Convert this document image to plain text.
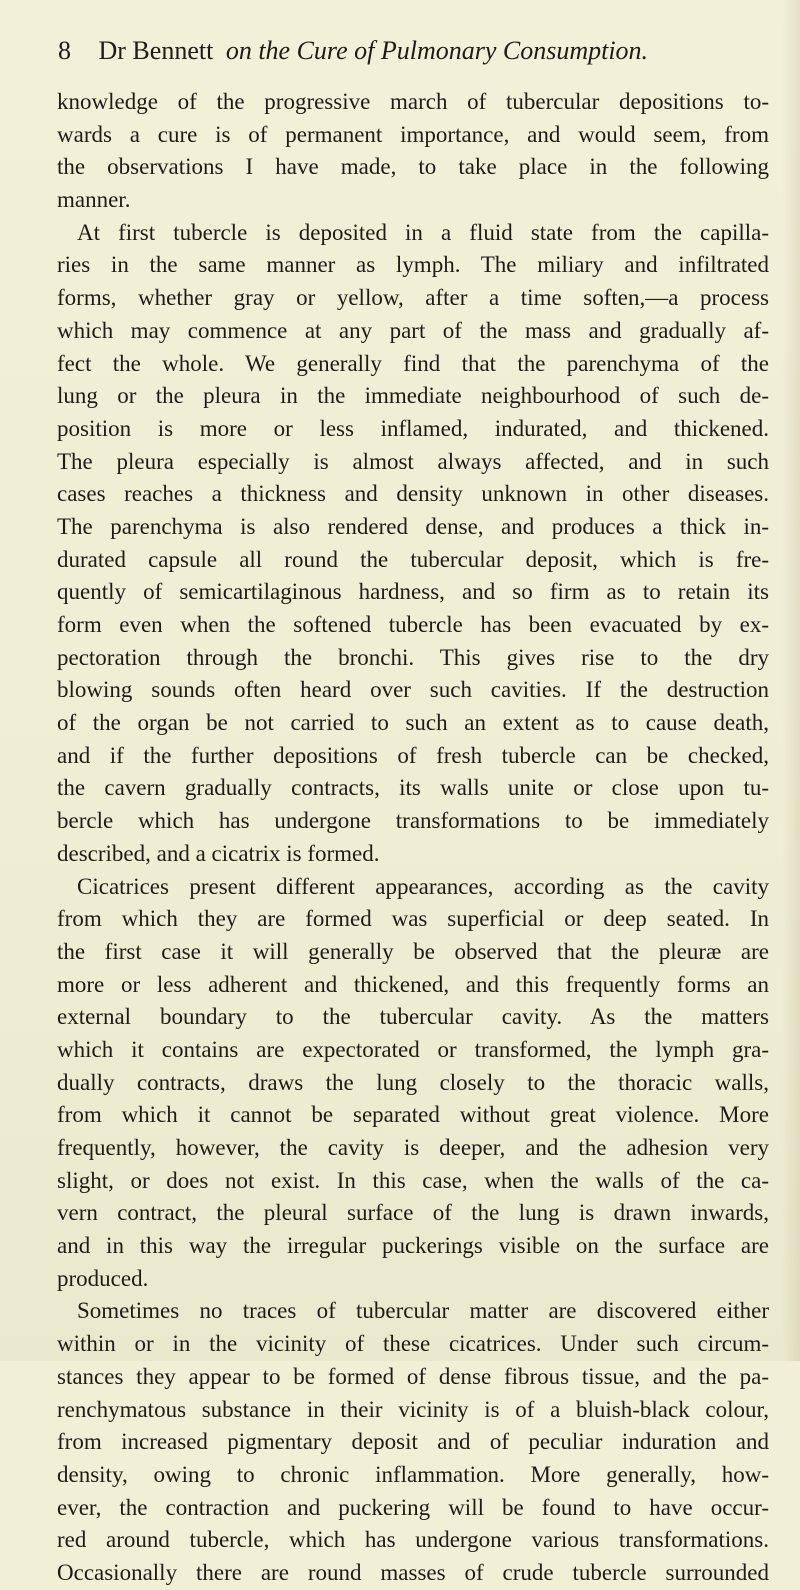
8 Dr Bennett on the Cure of Pulmonary Consumption.
knowledge of the progressive march of tubercular depositions to-
wards a cure is of permanent importance, and would seem, from
the observations I have made, to take place in the following
manner.
At first tubercle is deposited in a fluid state from the capilla-
ries in the same manner as lymph. The miliary and infiltrated
forms, whether gray or yellow, after a time soften,—a process
which may commence at any part of the mass and gradually af-
fect the whole. We generally find that the parenchyma of the
lung or the pleura in the immediate neighbourhood of such de-
position is more or less inflamed, indurated, and thickened.
The pleura especially is almost always affected, and in such
cases reaches a thickness and density unknown in other diseases.
The parenchyma is also rendered dense, and produces a thick in-
durated capsule all round the tubercular deposit, which is fre-
quently of semicartilaginous hardness, and so firm as to retain its
form even when the softened tubercle has been evacuated by ex-
pectoration through the bronchi. This gives rise to the dry
blowing sounds often heard over such cavities. If the destruction
of the organ be not carried to such an extent as to cause death,
and if the further depositions of fresh tubercle can be checked,
the cavern gradually contracts, its walls unite or close upon tu-
bercle which has undergone transformations to be immediately
described, and a cicatrix is formed.
Cicatrices present different appearances, according as the cavity
from which they are formed was superficial or deep seated. In
the first case it will generally be observed that the pleuræ are
more or less adherent and thickened, and this frequently forms an
external boundary to the tubercular cavity. As the matters
which it contains are expectorated or transformed, the lymph gra-
dually contracts, draws the lung closely to the thoracic walls,
from which it cannot be separated without great violence. More
frequently, however, the cavity is deeper, and the adhesion very
slight, or does not exist. In this case, when the walls of the ca-
vern contract, the pleural surface of the lung is drawn inwards,
and in this way the irregular puckerings visible on the surface are
produced.
Sometimes no traces of tubercular matter are discovered either
within or in the vicinity of these cicatrices. Under such circum-
stances they appear to be formed of dense fibrous tissue, and the pa-
renchymatous substance in their vicinity is of a bluish-black colour,
from increased pigmentary deposit and of peculiar induration and
density, owing to chronic inflammation. More generally, how-
ever, the contraction and puckering will be found to have occur-
red around tubercle, which has undergone various transformations.
Occasionally there are round masses of crude tubercle surrounded
